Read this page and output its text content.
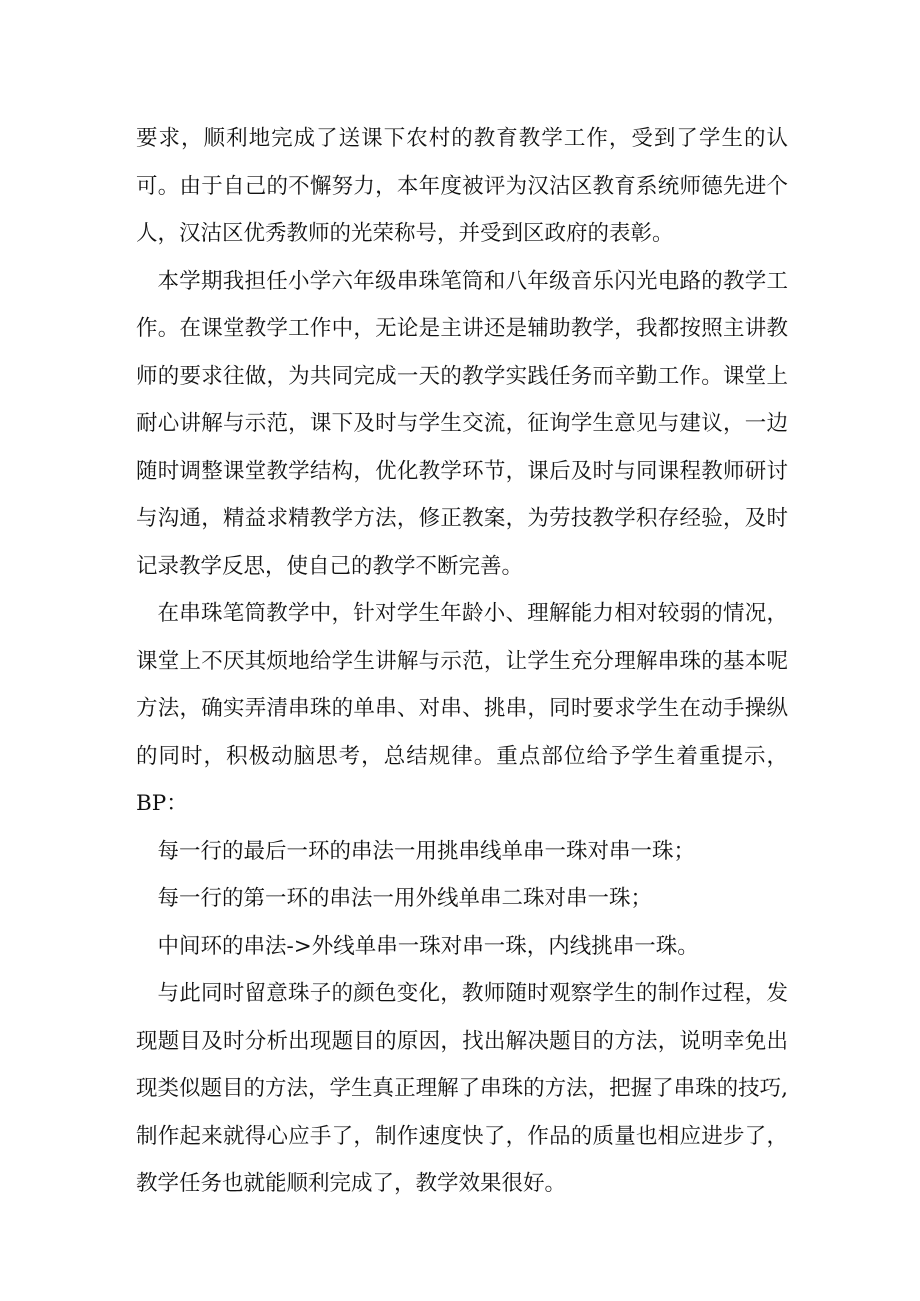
要求，顺利地完成了送课下农村的教育教学工作，受到了学生的认可。由于自己的不懈努力，本年度被评为汉沽区教育系统师德先进个人，汉沽区优秀教师的光荣称号，并受到区政府的表彰。

本学期我担任小学六年级串珠笔筒和八年级音乐闪光电路的教学工作。在课堂教学工作中，无论是主讲还是辅助教学，我都按照主讲教师的要求往做，为共同完成一天的教学实践任务而辛勤工作。课堂上耐心讲解与示范，课下及时与学生交流，征询学生意见与建议，一边随时调整课堂教学结构，优化教学环节，课后及时与同课程教师研讨与沟通，精益求精教学方法，修正教案，为劳技教学积存经验，及时记录教学反思，使自己的教学不断完善。

在串珠笔筒教学中，针对学生年龄小、理解能力相对较弱的情况，课堂上不厌其烦地给学生讲解与示范，让学生充分理解串珠的基本呢方法，确实弄清串珠的单串、对串、挑串，同时要求学生在动手操纵的同时，积极动脑思考，总结规律。重点部位给予学生着重提示，BP：

每一行的最后一环的串法一用挑串线单串一珠对串一珠；

每一行的第一环的串法一用外线单串二珠对串一珠；

中间环的串法->外线单串一珠对串一珠，内线挑串一珠。

与此同时留意珠子的颜色变化，教师随时观察学生的制作过程，发现题目及时分析出现题目的原因，找出解决题目的方法，说明幸免出现类似题目的方法，学生真正理解了串珠的方法，把握了串珠的技巧,制作起来就得心应手了，制作速度快了，作品的质量也相应进步了，教学任务也就能顺利完成了，教学效果很好。
